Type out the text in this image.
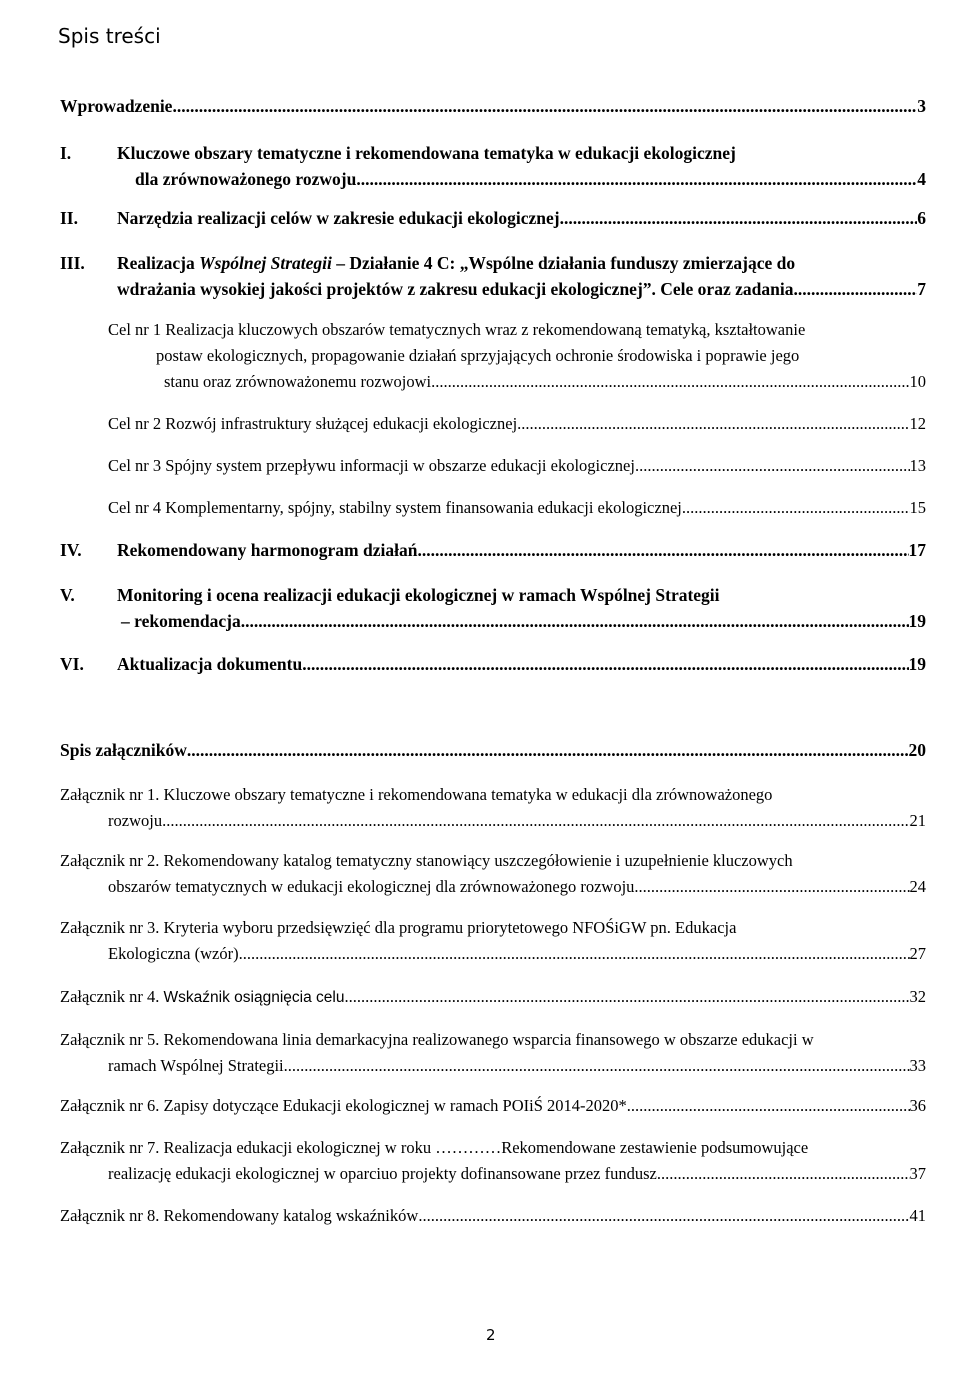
Spis treści
Wprowadzenie .....	3
I.	Kluczowe obszary tematyczne i rekomendowana tematyka w edukacji ekologicznej
dla zrównoważonego rozwoju .....	4
II. Narzędzia realizacji celów w zakresie edukacji ekologicznej .....	6
III. Realizacja Wspólnej Strategii – Działanie 4 C: „Wspólne działania funduszy zmierzające do
wdrażania wysokiej jakości projektów z zakresu edukacji ekologicznej”. Cele oraz zadania. .....	7
Cel nr 1 Realizacja kluczowych obszarów tematycznych wraz z rekomendowaną tematyką, kształtowanie
postaw ekologicznych, propagowanie działań sprzyjających ochronie środowiska i poprawie jego
stanu oraz zrównoważonemu rozwojowi. .....	10
Cel nr 2 Rozwój infrastruktury służącej edukacji ekologicznej .....	12
Cel nr 3 Spójny system przepływu informacji w obszarze edukacji ekologicznej .....	13
Cel nr 4 Komplementarny, spójny, stabilny system finansowania edukacji ekologicznej .....	15
IV. Rekomendowany harmonogram działań .....	17
V. Monitoring i ocena realizacji edukacji ekologicznej w ramach Wspólnej Strategii
– rekomendacja .....	19
VI. Aktualizacja dokumentu .....	19
Spis załączników .....	20
Załącznik nr 1. Kluczowe obszary tematyczne i rekomendowana tematyka w edukacji dla zrównoważonego
rozwoju .....	21
Załącznik nr 2. Rekomendowany katalog tematyczny stanowiący uszczegółowienie i uzupełnienie kluczowych
obszarów tematycznych w edukacji ekologicznej dla zrównoważonego rozwoju .....	24
Załącznik nr 3. Kryteria wyboru przedsięwzięć dla programu priorytetowego NFOŚiGW pn. Edukacja
Ekologiczna (wzór) .....	27
Załącznik nr 4. Wskaźnik osiągnięcia celu .....	32
Załącznik nr 5. Rekomendowana linia demarkacyjna realizowanego wsparcia finansowego w obszarze edukacji w
ramach Wspólnej Strategii. .....	33
Załącznik nr 6. Zapisy dotyczące Edukacji ekologicznej w ramach POIiŚ 2014-2020* .....	36
Załącznik nr 7. Realizacja edukacji ekologicznej w roku …………Rekomendowane zestawienie podsumowujące
realizację edukacji ekologicznej w oparciuo projekty dofinansowane przez fundusz .....	37
Załącznik nr 8. Rekomendowany katalog wskaźników .....	41
2
